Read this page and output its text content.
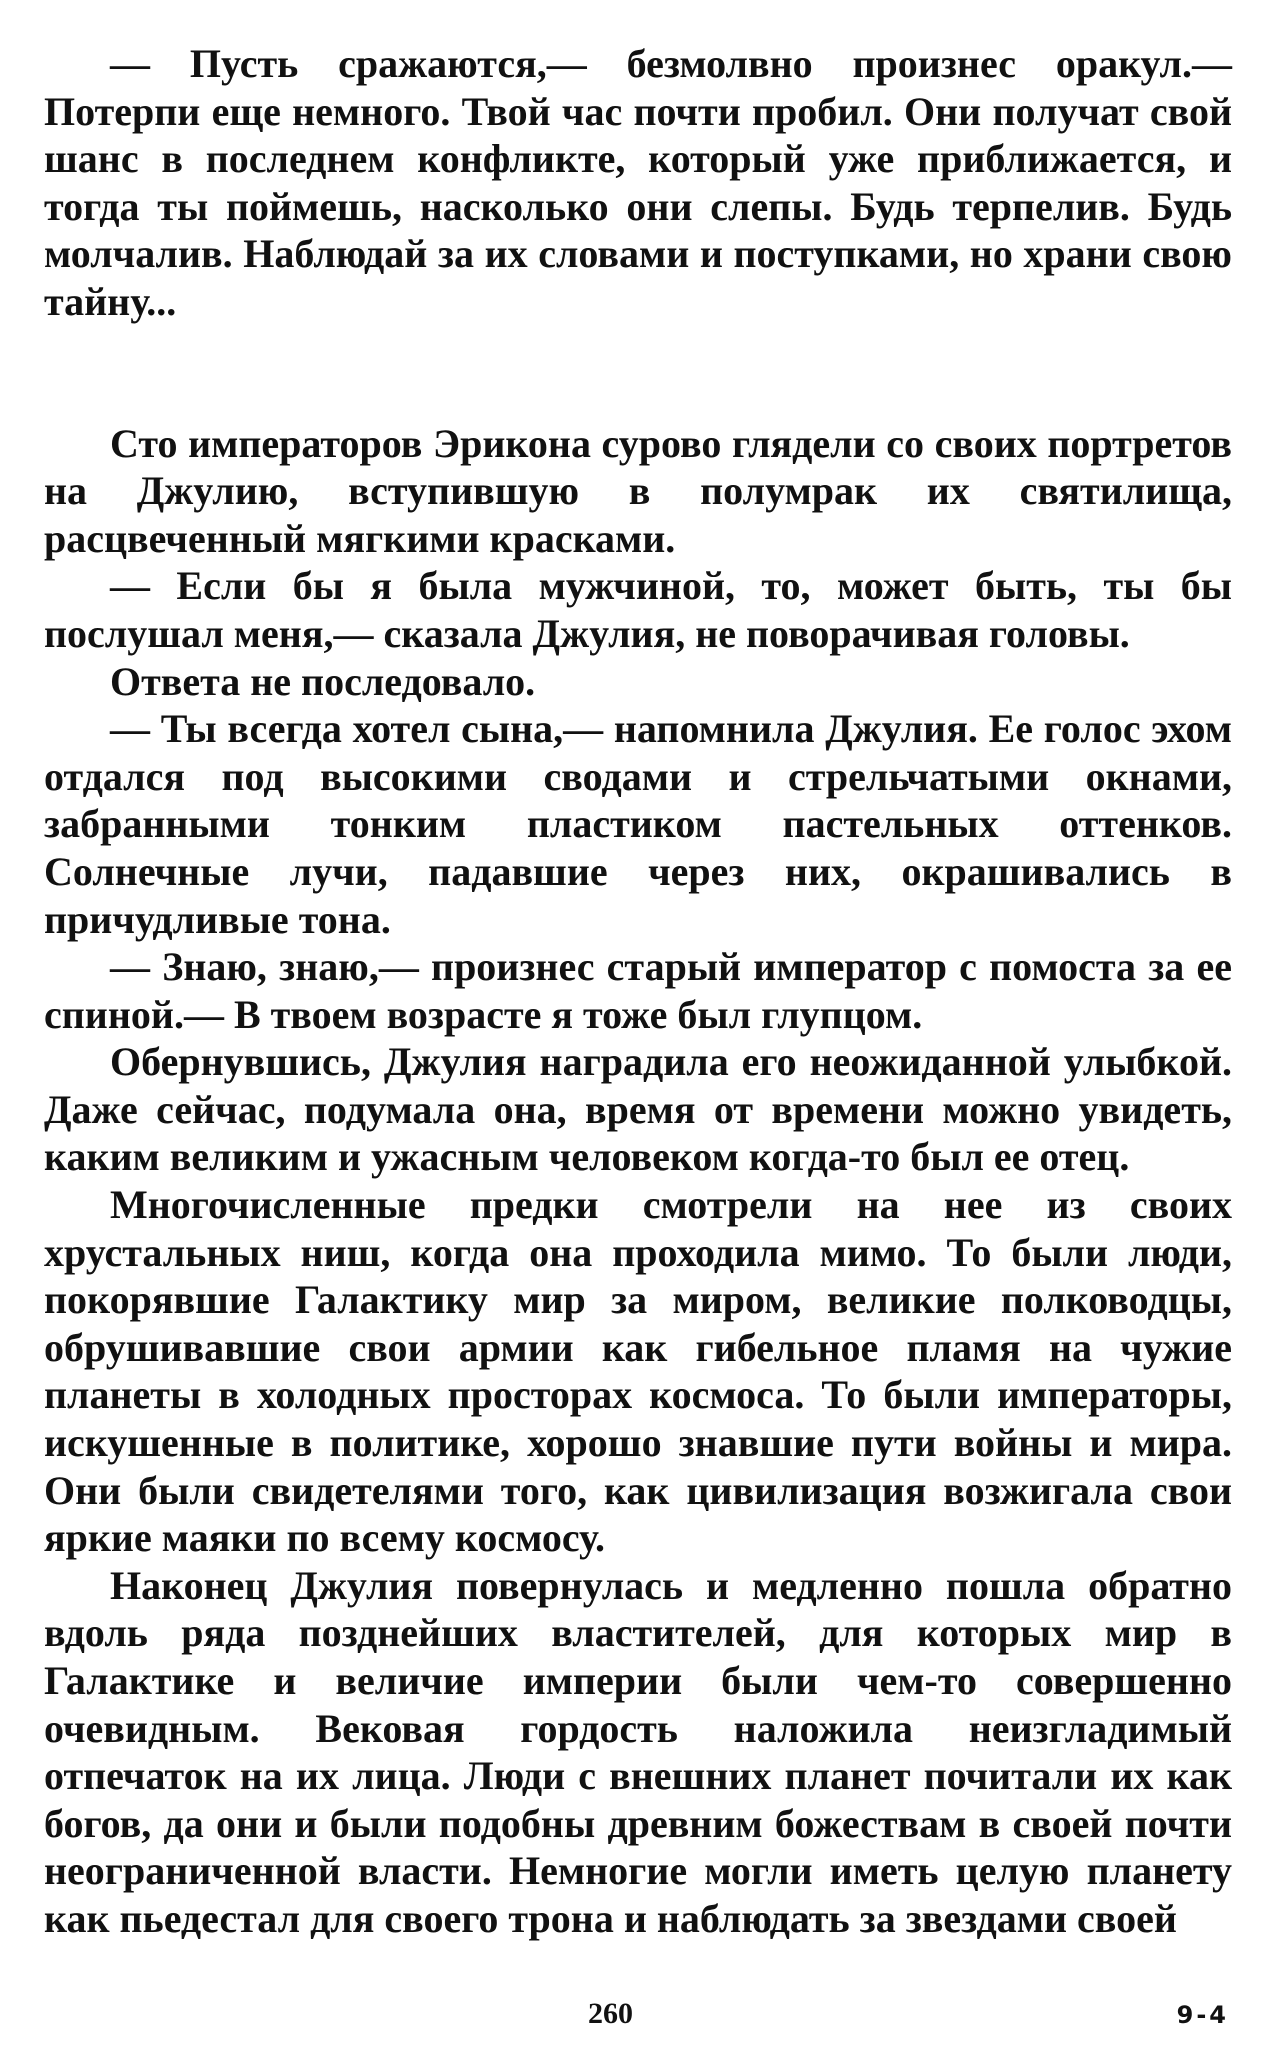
— Пусть сражаются,— безмолвно произнес оракул.— Потерпи еще немного. Твой час почти пробил. Они получат свой шанс в последнем конфликте, который уже приближается, и тогда ты поймешь, насколько они слепы. Будь терпелив. Будь молчалив. Наблюдай за их словами и поступками, но храни свою тайну...

Сто императоров Эрикона сурово глядели со своих портретов на Джулию, вступившую в полумрак их святилища, расцвеченный мягкими красками.

— Если бы я была мужчиной, то, может быть, ты бы послушал меня,— сказала Джулия, не поворачивая головы.

Ответа не последовало.

— Ты всегда хотел сына,— напомнила Джулия. Ее голос эхом отдался под высокими сводами и стрельчатыми окнами, забранными тонким пластиком пастельных оттенков. Солнечные лучи, падавшие через них, окрашивались в причудливые тона.

— Знаю, знаю,— произнес старый император с помоста за ее спиной.— В твоем возрасте я тоже был глупцом.

Обернувшись, Джулия наградила его неожиданной улыбкой. Даже сейчас, подумала она, время от времени можно увидеть, каким великим и ужасным человеком когда-то был ее отец.

Многочисленные предки смотрели на нее из своих хрустальных ниш, когда она проходила мимо. То были люди, покорявшие Галактику мир за миром, великие полководцы, обрушивавшие свои армии как гибельное пламя на чужие планеты в холодных просторах космоса. То были императоры, искушенные в политике, хорошо знавшие пути войны и мира. Они были свидетелями того, как цивилизация возжигала свои яркие маяки по всему космосу.

Наконец Джулия повернулась и медленно пошла обратно вдоль ряда позднейших властителей, для которых мир в Галактике и величие империи были чем-то совершенно очевидным. Вековая гордость наложила неизгладимый отпечаток на их лица. Люди с внешних планет почитали их как богов, да они и были подобны древним божествам в своей почти неограниченной власти. Немногие могли иметь целую планету как пьедестал для своего трона и наблюдать за звездами своей

260	9-4
